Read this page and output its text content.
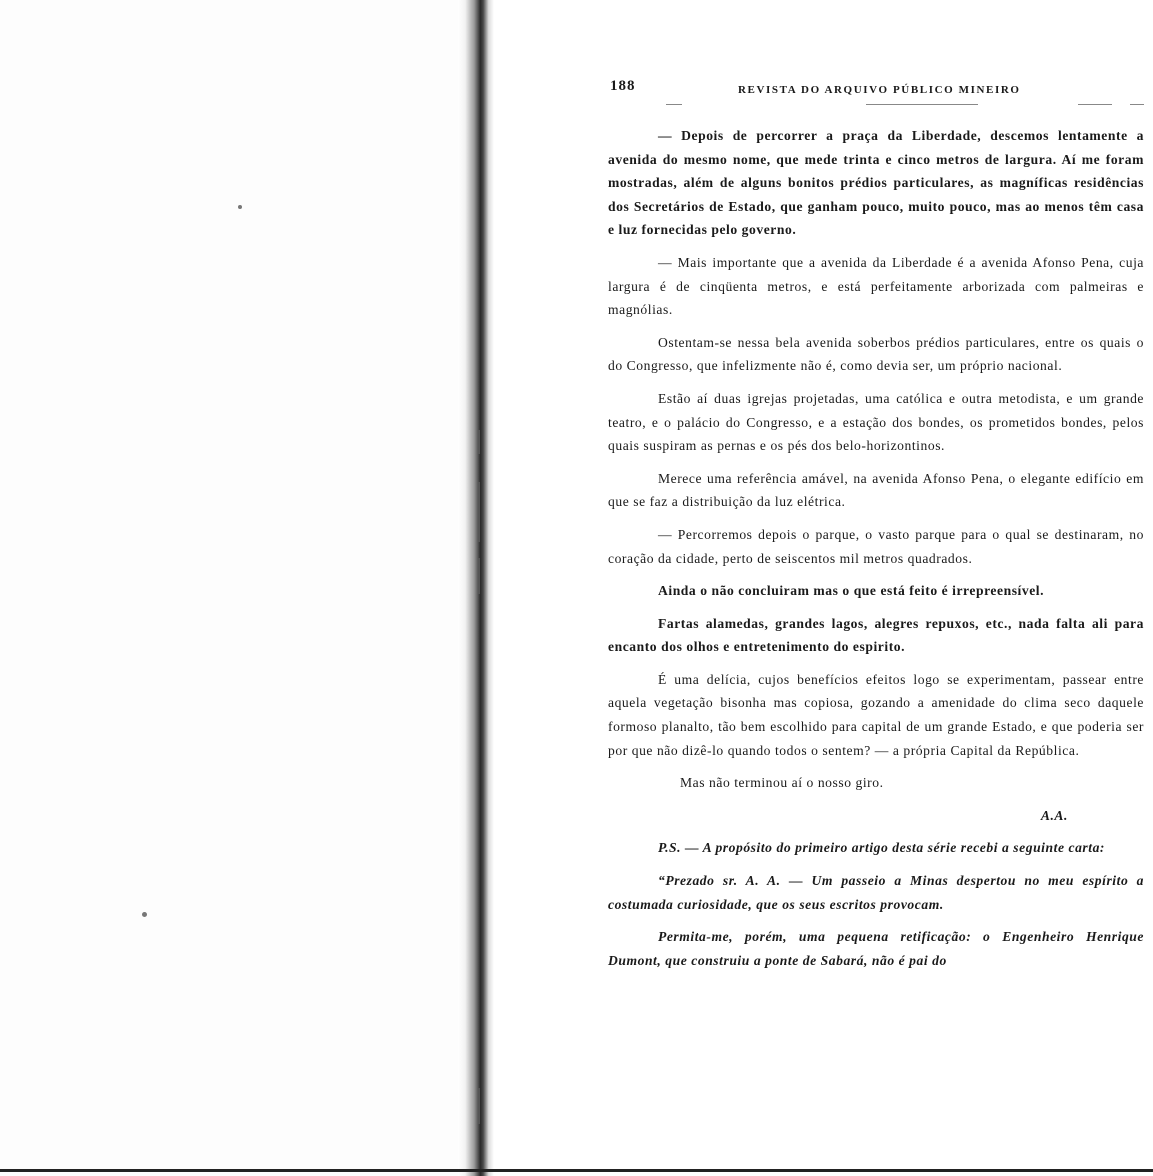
188	REVISTA DO ARQUIVO PÚBLICO MINEIRO

— Depois de percorrer a praça da Liberdade, descemos lentamente a avenida do mesmo nome, que mede trinta e cinco metros de largura. Aí me foram mostradas, além de alguns bonitos prédios particulares, as magníficas residências dos Secretários de Estado, que ganham pouco, muito pouco, mas ao menos têm casa e luz fornecidas pelo governo.

— Mais importante que a avenida da Liberdade é a avenida Afonso Pena, cuja largura é de cinqüenta metros, e está perfeitamente arborizada com palmeiras e magnólias.

Ostentam-se nessa bela avenida soberbos prédios particulares, entre os quais o do Congresso, que infelizmente não é, como devia ser, um próprio nacional.

Estão aí duas igrejas projetadas, uma católica e outra metodista, e um grande teatro, e o palácio do Congresso, e a estação dos bondes, os prometidos bondes, pelos quais suspiram as pernas e os pés dos belo-horizontinos.

Merece uma referência amável, na avenida Afonso Pena, o elegante edifício em que se faz a distribuição da luz elétrica.

— Percorremos depois o parque, o vasto parque para o qual se destinaram, no coração da cidade, perto de seiscentos mil metros quadrados.

Ainda o não concluiram mas o que está feito é irrepreensível.

Fartas alamedas, grandes lagos, alegres repuxos, etc., nada falta ali para encanto dos olhos e entretenimento do espirito.

É uma delícia, cujos benefícios efeitos logo se experimentam, passear entre aquela vegetação bisonha mas copiosa, gozando a amenidade do clima seco daquele formoso planalto, tão bem escolhido para capital de um grande Estado, e que poderia ser por que não dizê-lo quando todos o sentem? — a própria Capital da República.

Mas não terminou aí o nosso giro.

A.A.

P.S. — A propósito do primeiro artigo desta série recebi a seguinte carta:

“Prezado sr. A. A. — Um passeio a Minas despertou no meu espírito a costumada curiosidade, que os seus escritos provocam.

Permita-me, porém, uma pequena retificação: o Engenheiro Henrique Dumont, que construiu a ponte de Sabará, não é pai do
